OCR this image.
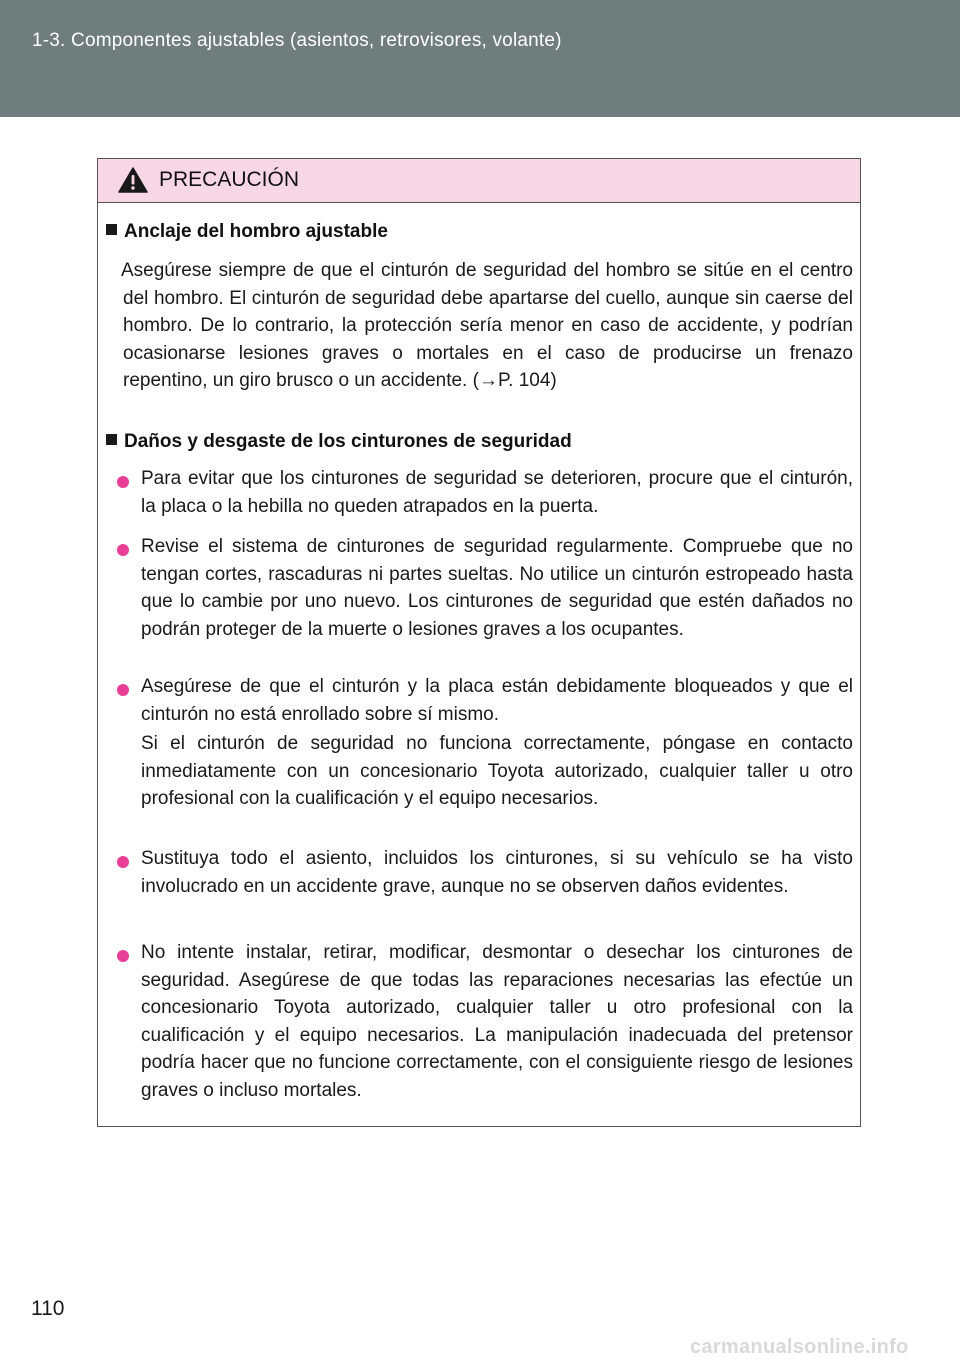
1-3. Componentes ajustables (asientos, retrovisores, volante)
PRECAUCIÓN
Anclaje del hombro ajustable
Asegúrese siempre de que el cinturón de seguridad del hombro se sitúe en el centro del hombro. El cinturón de seguridad debe apartarse del cuello, aunque sin caerse del hombro. De lo contrario, la protección sería menor en caso de accidente, y podrían ocasionarse lesiones graves o mortales en el caso de producirse un frenazo repentino, un giro brusco o un accidente. (→P. 104)
Daños y desgaste de los cinturones de seguridad
Para evitar que los cinturones de seguridad se deterioren, procure que el cinturón, la placa o la hebilla no queden atrapados en la puerta.
Revise el sistema de cinturones de seguridad regularmente. Compruebe que no tengan cortes, rascaduras ni partes sueltas. No utilice un cinturón estropeado hasta que lo cambie por uno nuevo. Los cinturones de seguridad que estén dañados no podrán proteger de la muerte o lesiones graves a los ocupantes.
Asegúrese de que el cinturón y la placa están debidamente bloqueados y que el cinturón no está enrollado sobre sí mismo.
Si el cinturón de seguridad no funciona correctamente, póngase en contacto inmediatamente con un concesionario Toyota autorizado, cualquier taller u otro profesional con la cualificación y el equipo necesarios.
Sustituya todo el asiento, incluidos los cinturones, si su vehículo se ha visto involucrado en un accidente grave, aunque no se observen daños evidentes.
No intente instalar, retirar, modificar, desmontar o desechar los cinturones de seguridad. Asegúrese de que todas las reparaciones necesarias las efectúe un concesionario Toyota autorizado, cualquier taller u otro profesional con la cualificación y el equipo necesarios. La manipulación inadecuada del pretensor podría hacer que no funcione correctamente, con el consiguiente riesgo de lesiones graves o incluso mortales.
110
carmanualsonline.info
